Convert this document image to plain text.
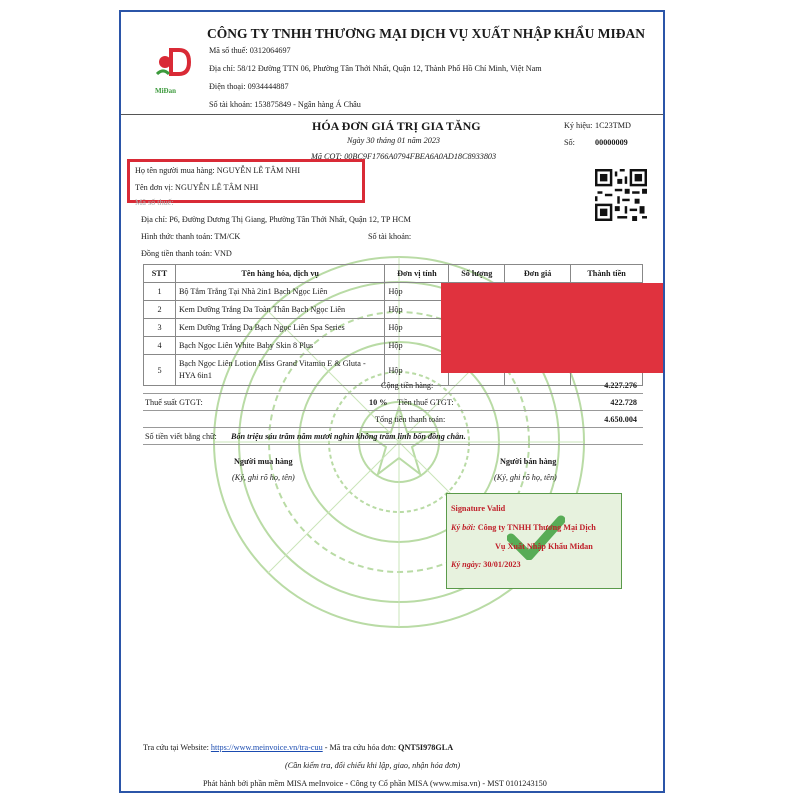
MiĐan
CÔNG TY TNHH THƯƠNG MẠI DỊCH VỤ XUẤT NHẬP KHẨU MIĐAN
Mã số thuế: 0312064697
Địa chỉ: 58/12 Đường TTN 06, Phường Tân Thới Nhất, Quận 12, Thành Phố Hồ Chí Minh, Việt Nam
Điện thoại: 0934444887
Số tài khoản: 153875849 - Ngân hàng Á Châu
HÓA ĐƠN GIÁ TRỊ GIA TĂNG
Ngày 30 tháng 01 năm 2023
Mã CQT: 00BC9F1766A0794FBEA6A0AD18C8933803
Ký hiệu: 1C23TMD
Số: 00000009
Họ tên người mua hàng: NGUYỄN LÊ TÂM NHI
Tên đơn vị: NGUYỄN LÊ TÂM NHI
Mã số thuế:
Địa chỉ: P6, Đường Dương Thị Giang, Phường Tân Thới Nhất, Quận 12, TP HCM
Hình thức thanh toán: TM/CK	Số tài khoản:
Đồng tiền thanh toán: VND
STT	Tên hàng hóa, dịch vụ	Đơn vị tính	Số lượng	Đơn giá	Thành tiền
1	Bộ Tắm Trắng Tại Nhà 2in1 Bạch Ngọc Liên	Hộp			
2	Kem Dưỡng Trắng Da Toàn Thân Bạch Ngọc Liên	Hộp			
3	Kem Dưỡng Trắng Da Bạch Ngọc Liên Spa Series	Hộp			
4	Bạch Ngọc Liên White Baby Skin 8 Plus	Hộp			
5	Bạch Ngọc Liên Lotion Miss Grand Vitamin E & Gluta - HYA 6in1	Hộp			
Cộng tiền hàng:	4.227.276
Thuế suất GTGT:	10 % Tiền thuế GTGT:	422.728
Tổng tiền thanh toán:	4.650.004
Số tiền viết bằng chữ: Bốn triệu sáu trăm năm mươi nghìn không trăm linh bốn đồng chẵn.
Người mua hàng
(Ký, ghi rõ họ, tên)
Người bán hàng
(Ký, ghi rõ họ, tên)
Signature Valid
Ký bởi: Công ty TNHH Thương Mại Dịch
Vụ Xuất Nhập Khẩu Miđan
Ký ngày: 30/01/2023
Tra cứu tại Website: https://www.meinvoice.vn/tra-cuu - Mã tra cứu hóa đơn: QNT5I978GLA
(Cần kiểm tra, đối chiếu khi lập, giao, nhận hóa đơn)
Phát hành bởi phần mềm MISA meInvoice - Công ty Cổ phần MISA (www.misa.vn) - MST 0101243150
